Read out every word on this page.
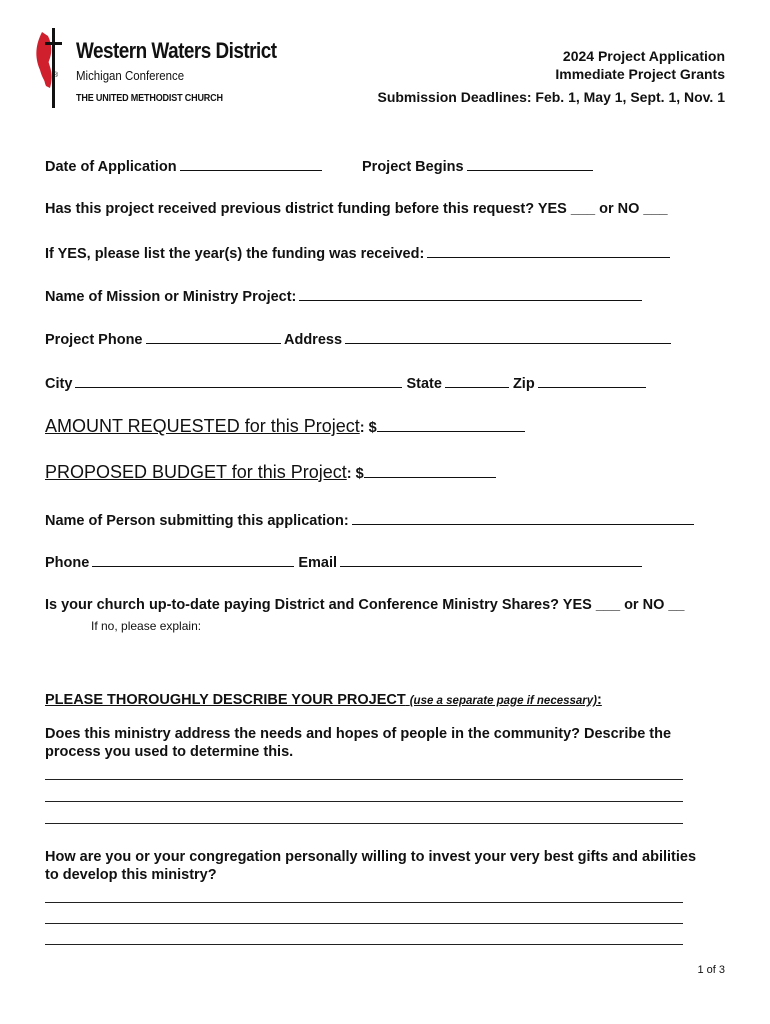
®
Western Waters District
Michigan Conference
THE UNITED METHODIST CHURCH
2024 Project Application
Immediate Project Grants
Submission Deadlines: Feb. 1, May 1, Sept. 1, Nov. 1
Date of Application	Project Begins
Has this project received previous district funding before this request? YES ___ or NO ___
If YES, please list the year(s) the funding was received:
Name of Mission or Ministry Project:
Project Phone	Address
City	State	Zip
AMOUNT REQUESTED for this Project: $
PROPOSED BUDGET for this Project: $
Name of Person submitting this application:
Phone	Email
Is your church up-to-date paying District and Conference Ministry Shares? YES ___ or NO __
If no, please explain:
PLEASE THOROUGHLY DESCRIBE YOUR PROJECT (use a separate page if necessary):
Does this ministry address the needs and hopes of people in the community? Describe the
process you used to determine this.
How are you or your congregation personally willing to invest your very best gifts and abilities
to develop this ministry?
1 of 3
